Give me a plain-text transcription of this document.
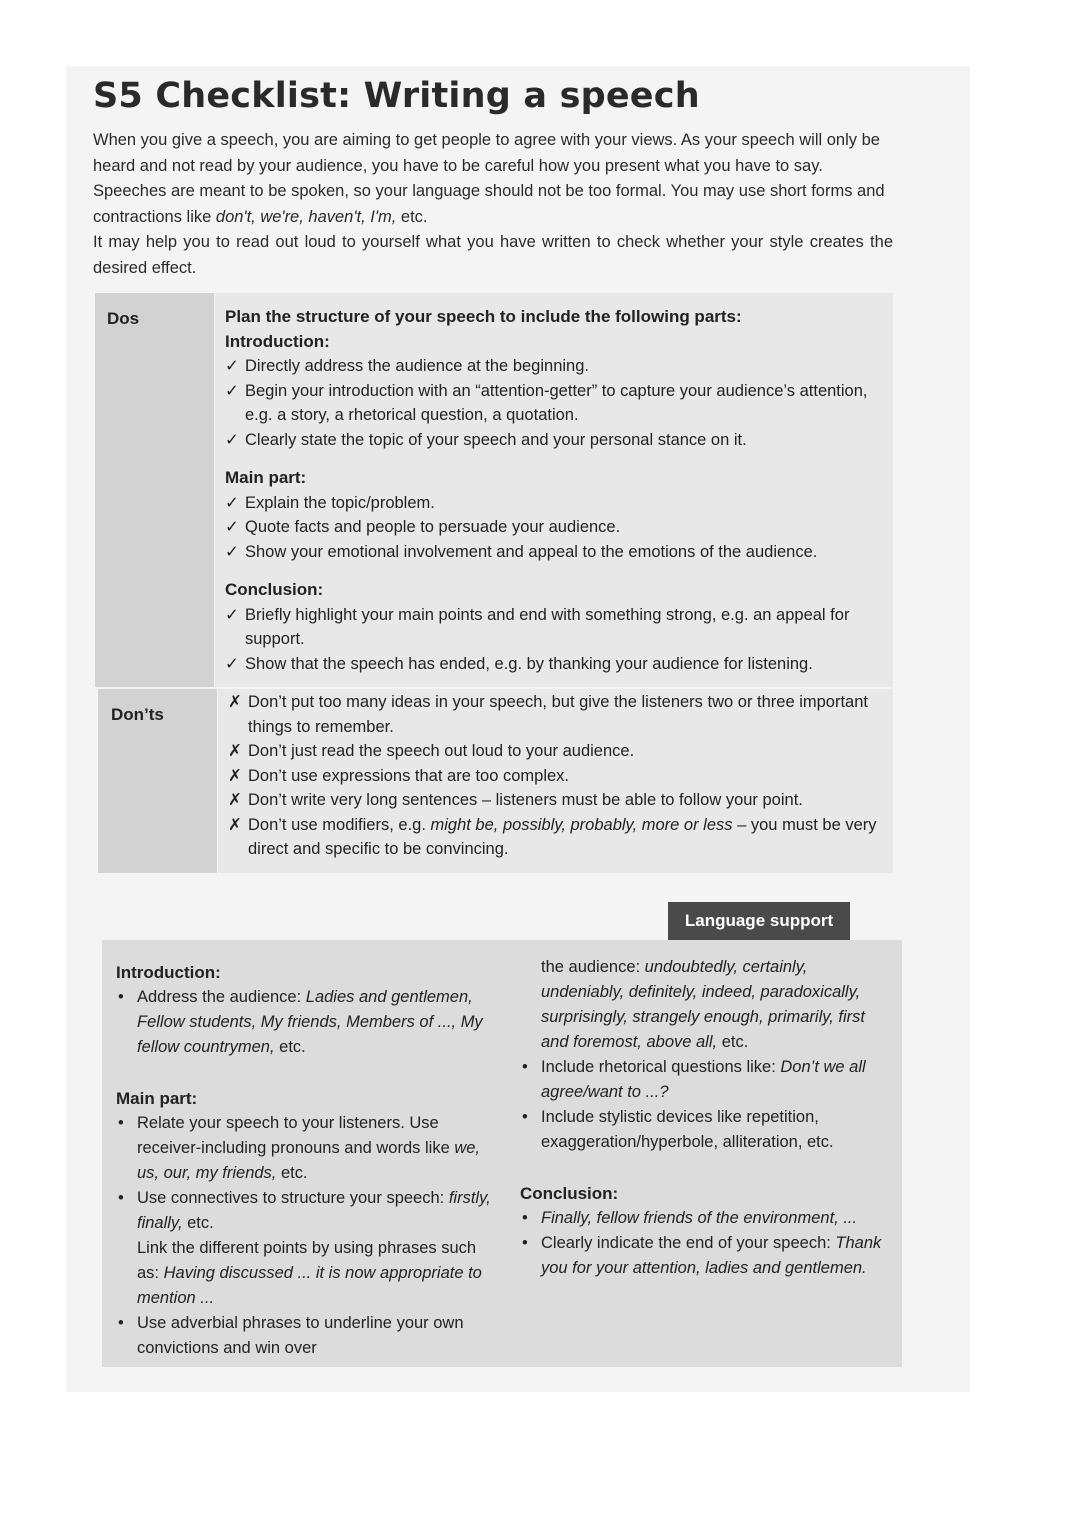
S5 Checklist: Writing a speech

When you give a speech, you are aiming to get people to agree with your views. As your speech will only be heard and not read by your audience, you have to be careful how you present what you have to say. Speeches are meant to be spoken, so your language should not be too formal. You may use short forms and contractions like don't, we're, haven't, I'm, etc.

It may help you to read out loud to yourself what you have written to check whether your style creates the desired effect.

Dos
Don’ts
Plan the structure of your speech to include the following parts:
Introduction:
✓ Directly address the audience at the beginning.
✓ Begin your introduction with an “attention-getter” to capture your audience’s attention, e.g. a story, a rhetorical question, a quotation.
✓ Clearly state the topic of your speech and your personal stance on it.
Main part:
✓ Explain the topic/problem.
✓ Quote facts and people to persuade your audience.
✓ Show your emotional involvement and appeal to the emotions of the audience.
Conclusion:
✓ Briefly highlight your main points and end with something strong, e.g. an appeal for support.
✓ Show that the speech has ended, e.g. by thanking your audience for listening.
✗ Don’t put too many ideas in your speech, but give the listeners two or three important things to remember.
✗ Don’t just read the speech out loud to your audience.
✗ Don’t use expressions that are too complex.
✗ Don’t write very long sentences – listeners must be able to follow your point.
✗ Don’t use modifiers, e.g. might be, possibly, probably, more or less – you must be very direct and specific to be convincing.
Language support
Introduction:
• Address the audience: Ladies and gentlemen, Fellow students, My friends, Members of ..., My fellow countrymen, etc.
Main part:
• Relate your speech to your listeners. Use receiver-including pronouns and words like we, us, our, my friends, etc.
• Use connectives to structure your speech: firstly, finally, etc.
Link the different points by using phrases such as: Having discussed ... it is now appropriate to mention ...
• Use adverbial phrases to underline your own convictions and win over
the audience: undoubtedly, certainly, undeniably, definitely, indeed, paradoxically, surprisingly, strangely enough, primarily, first and foremost, above all, etc.
• Include rhetorical questions like: Don’t we all agree/want to ...?
• Include stylistic devices like repetition, exaggeration/hyperbole, alliteration, etc.
Conclusion:
• Finally, fellow friends of the environment, ...
• Clearly indicate the end of your speech: Thank you for your attention, ladies and gentlemen.
